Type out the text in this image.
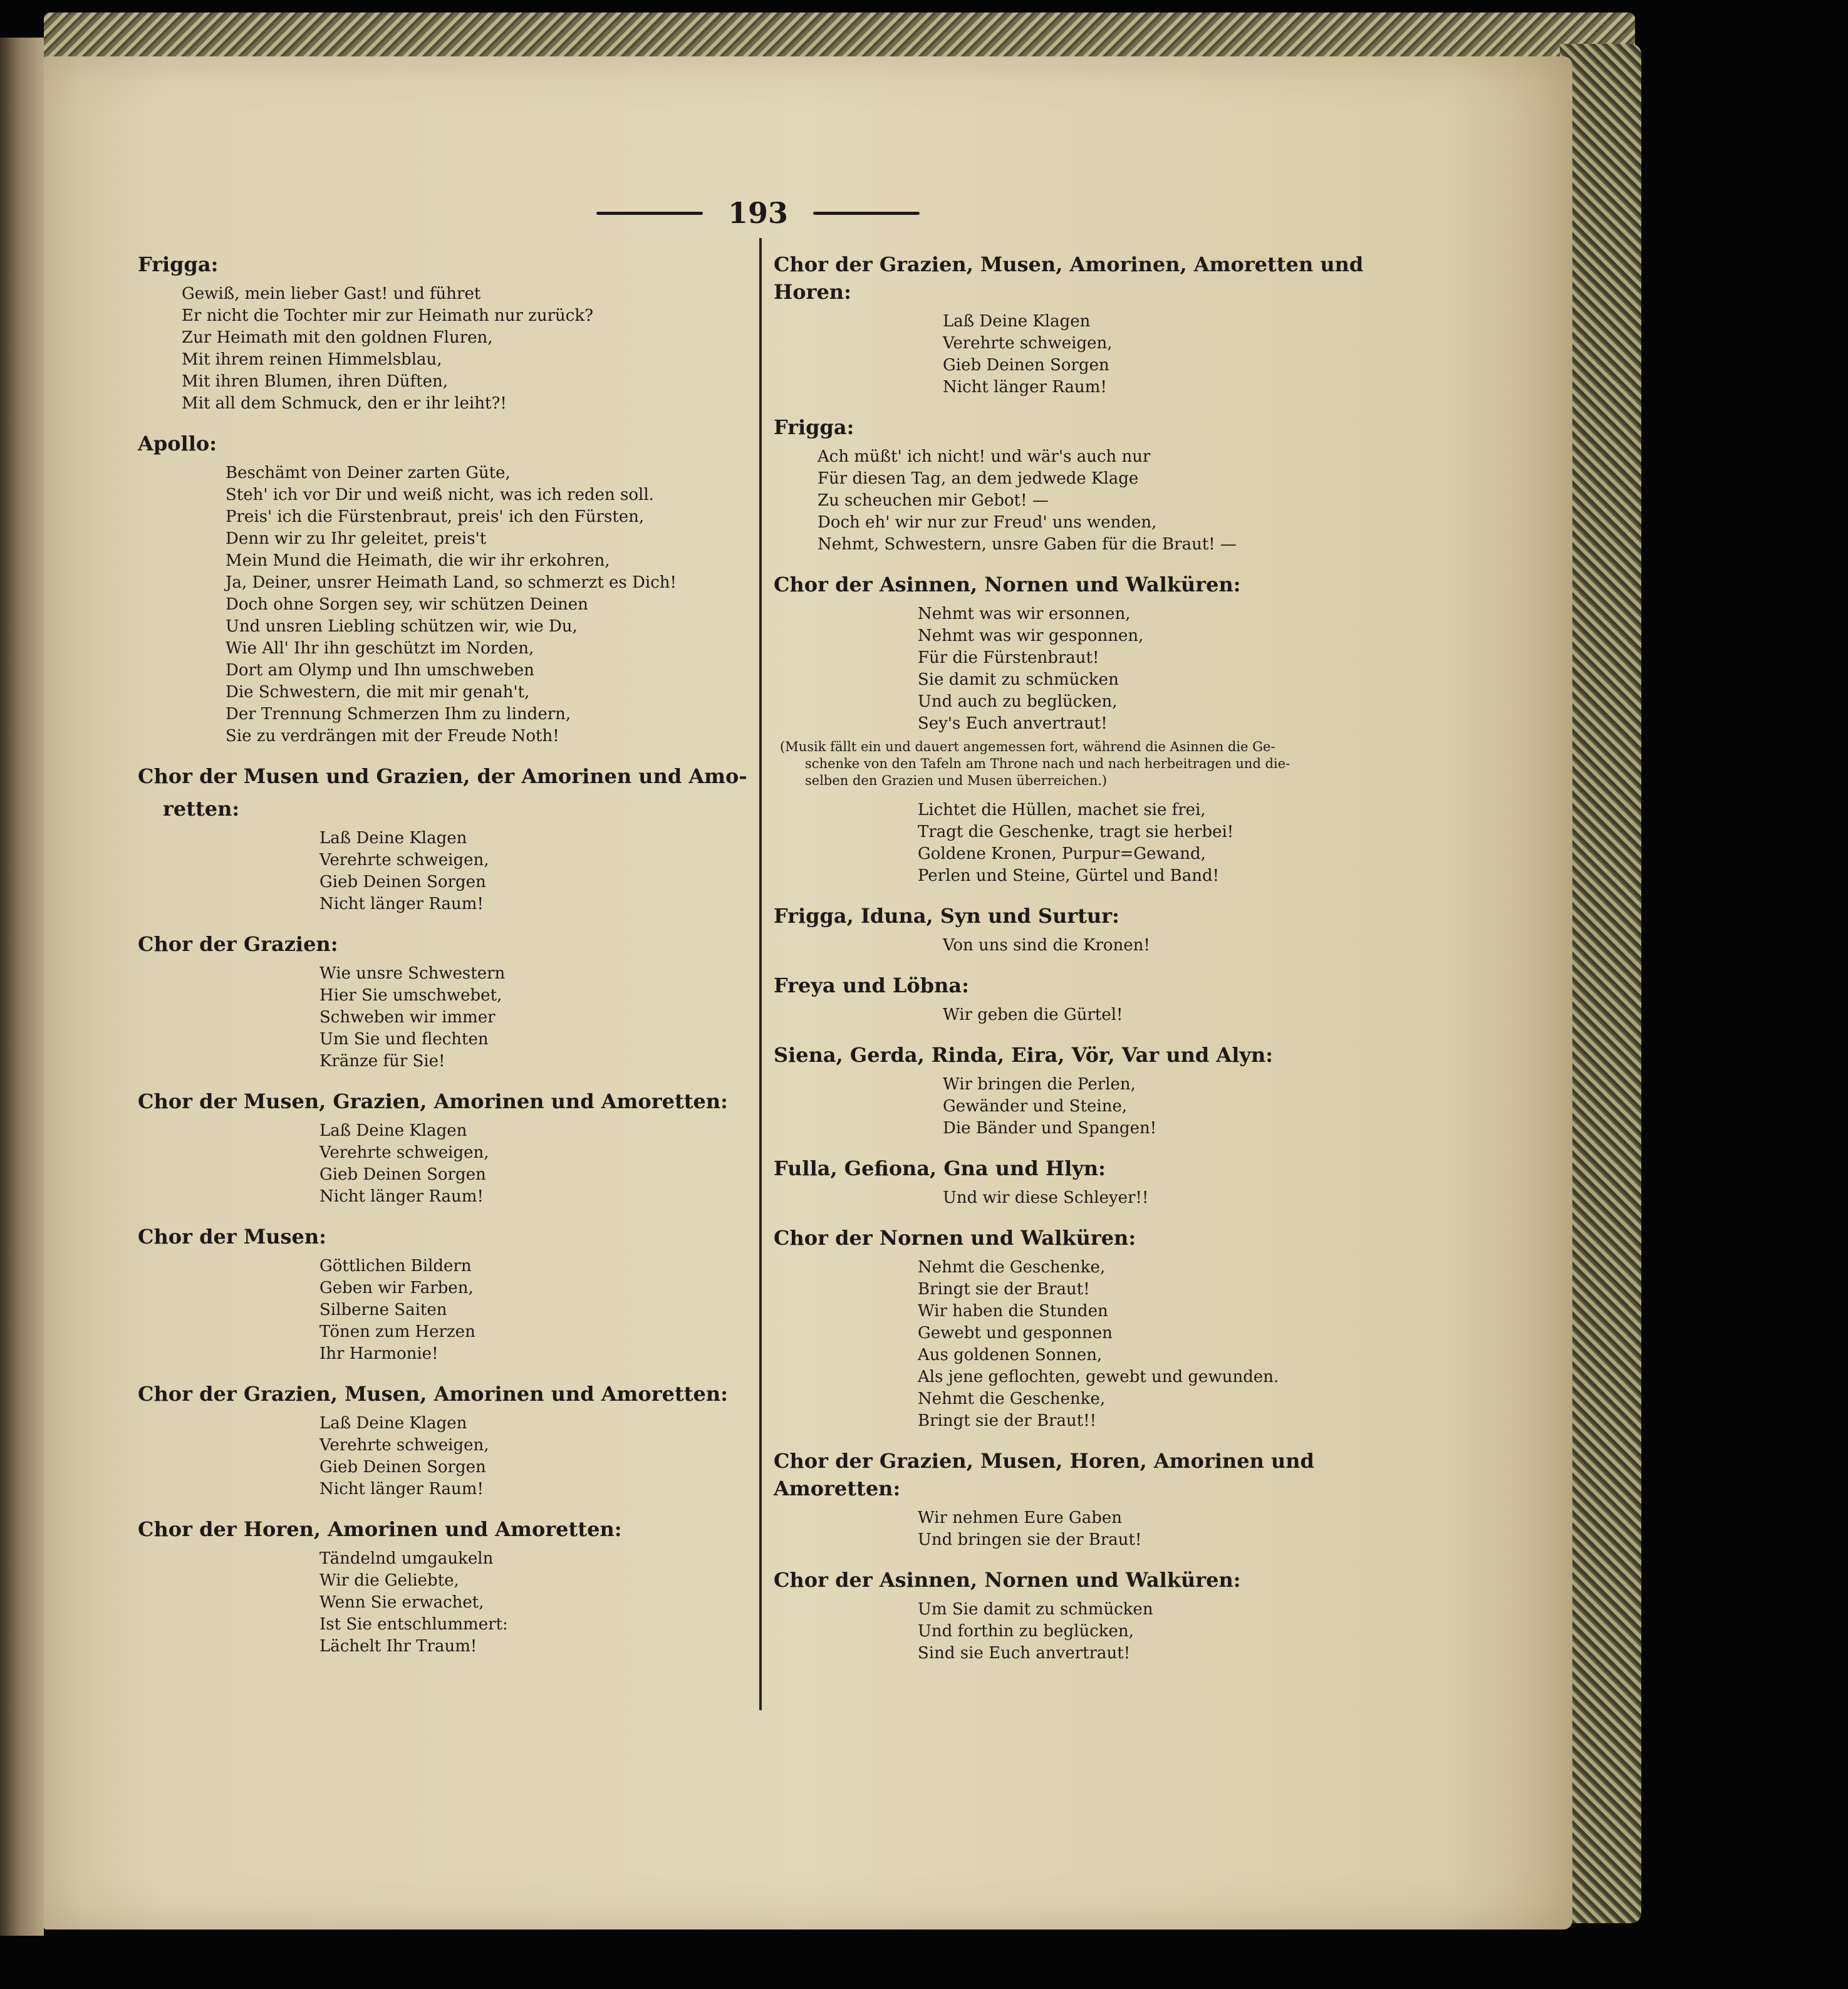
193
Frigga:
Gewiß, mein lieber Gast! und führet
Er nicht die Tochter mir zur Heimath nur zurück?
Zur Heimath mit den goldnen Fluren,
Mit ihrem reinen Himmelsblau,
Mit ihren Blumen, ihren Düften,
Mit all dem Schmuck, den er ihr leiht?!
Apollo:
Beschämt von Deiner zarten Güte,
Steh' ich vor Dir und weiß nicht, was ich reden soll.
Preis' ich die Fürstenbraut, preis' ich den Fürsten,
Denn wir zu Ihr geleitet, preis't
Mein Mund die Heimath, die wir ihr erkohren,
Ja, Deiner, unsrer Heimath Land, so schmerzt es Dich!
Doch ohne Sorgen sey, wir schützen Deinen
Und unsren Liebling schützen wir, wie Du,
Wie All' Ihr ihn geschützt im Norden,
Dort am Olymp und Ihn umschweben
Die Schwestern, die mit mir genah't,
Der Trennung Schmerzen Ihm zu lindern,
Sie zu verdrängen mit der Freude Noth!
Chor der Musen und Grazien, der Amorinen und Amo-
retten:
Laß Deine Klagen
Verehrte schweigen,
Gieb Deinen Sorgen
Nicht länger Raum!
Chor der Grazien:
Wie unsre Schwestern
Hier Sie umschwebet,
Schweben wir immer
Um Sie und flechten
Kränze für Sie!
Chor der Musen, Grazien, Amorinen und Amoretten:
Laß Deine Klagen
Verehrte schweigen,
Gieb Deinen Sorgen
Nicht länger Raum!
Chor der Musen:
Göttlichen Bildern
Geben wir Farben,
Silberne Saiten
Tönen zum Herzen
Ihr Harmonie!
Chor der Grazien, Musen, Amorinen und Amoretten:
Laß Deine Klagen
Verehrte schweigen,
Gieb Deinen Sorgen
Nicht länger Raum!
Chor der Horen, Amorinen und Amoretten:
Tändelnd umgaukeln
Wir die Geliebte,
Wenn Sie erwachet,
Ist Sie entschlummert:
Lächelt Ihr Traum!
Chor der Grazien, Musen, Amorinen, Amoretten und Horen:
Laß Deine Klagen
Verehrte schweigen,
Gieb Deinen Sorgen
Nicht länger Raum!
Frigga:
Ach müßt' ich nicht! und wär's auch nur
Für diesen Tag, an dem jedwede Klage
Zu scheuchen mir Gebot! —
Doch eh' wir nur zur Freud' uns wenden,
Nehmt, Schwestern, unsre Gaben für die Braut! —
Chor der Asinnen, Nornen und Walküren:
Nehmt was wir ersonnen,
Nehmt was wir gesponnen,
Für die Fürstenbraut!
Sie damit zu schmücken
Und auch zu beglücken,
Sey's Euch anvertraut!
(Musik fällt ein und dauert angemessen fort, während die Asinnen die Ge-
schenke von den Tafeln am Throne nach und nach herbeitragen und die-
selben den Grazien und Musen überreichen.)
Lichtet die Hüllen, machet sie frei,
Tragt die Geschenke, tragt sie herbei!
Goldene Kronen, Purpur=Gewand,
Perlen und Steine, Gürtel und Band!
Frigga, Iduna, Syn und Surtur:
Von uns sind die Kronen!
Freya und Löbna:
Wir geben die Gürtel!
Siena, Gerda, Rinda, Eira, Vör, Var und Alyn:
Wir bringen die Perlen,
Gewänder und Steine,
Die Bänder und Spangen!
Fulla, Gefiona, Gna und Hlyn:
Und wir diese Schleyer!!
Chor der Nornen und Walküren:
Nehmt die Geschenke,
Bringt sie der Braut!
Wir haben die Stunden
Gewebt und gesponnen
Aus goldenen Sonnen,
Als jene geflochten, gewebt und gewunden.
Nehmt die Geschenke,
Bringt sie der Braut!!
Chor der Grazien, Musen, Horen, Amorinen und Amoretten:
Wir nehmen Eure Gaben
Und bringen sie der Braut!
Chor der Asinnen, Nornen und Walküren:
Um Sie damit zu schmücken
Und forthin zu beglücken,
Sind sie Euch anvertraut!
